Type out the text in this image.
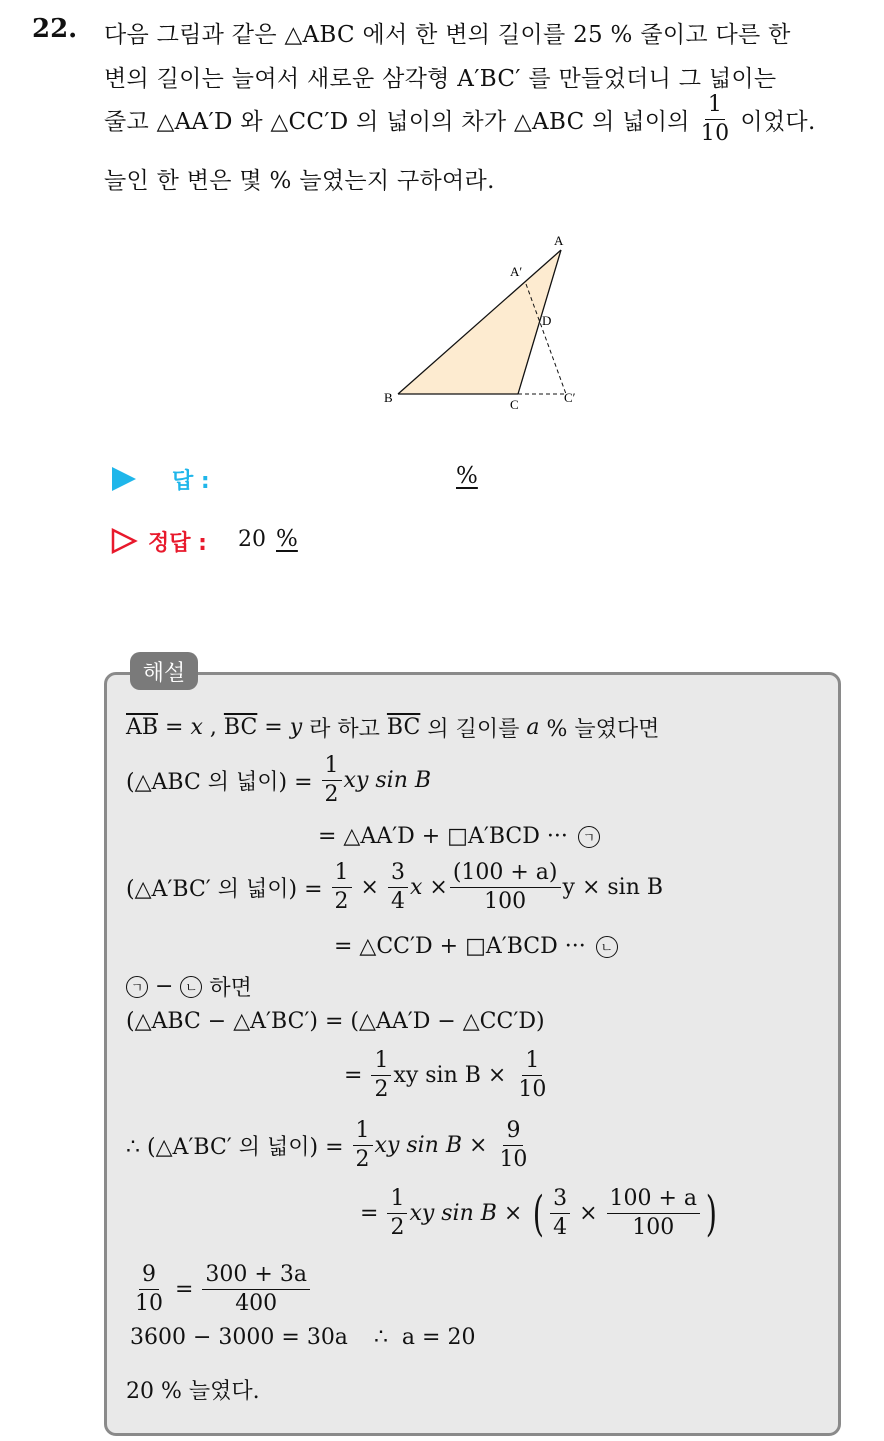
22. 다음 그림과 같은 △ABC 에서 한 변의 길이를 25 % 줄이고 다른 한
변의 길이는 늘여서 새로운 삼각형 A′BC′ 를 만들었더니 그 넓이는
줄고 △AA′D 와 △CC′D 의 넓이의 차가 △ABC 의 넓이의 $\frac{1}{10}$ 이었다.
늘인 한 변은 몇 % 늘였는지 구하여라.
A
A′
D
B	C	C′
답 :	%
정답 : 20 %
해설
$\overline{AB} = x$ , $\overline{BC} = y$ 라 하고 $\overline{BC}$ 의 길이를 a % 늘였다면
(△ABC 의 넓이) = $\frac{1}{2}$ xy sin B
= △AA′D + □A′BCD ··· ㄱ
(△A′BC′ 의 넓이) = $\frac{1}{2} \times \frac{3}{4}$ $x \times \frac{(100 + a)}{100}$ y × sin B
= △CC′D + □A′BCD ··· ㄴ
ㄱ − ㄴ 하면
(△ABC − △A′BC′) = (△AA′D − △CC′D)
= $\frac{1}{2}$ xy $\sin B \times \frac{1}{10}$
∴ (△A′BC′ 의 넓이) = $\frac{1}{2}$ xy $\sin B \times \frac{9}{10}$
= $\frac{1}{2}$ xy sin B × ( $\frac{3}{4} \times \frac{100 + a}{100}$ )
$\frac{9}{10} = \frac{300 + 3a}{400}$
3600 − 3000 = 30a ∴  a = 20
20 % 늘였다.
